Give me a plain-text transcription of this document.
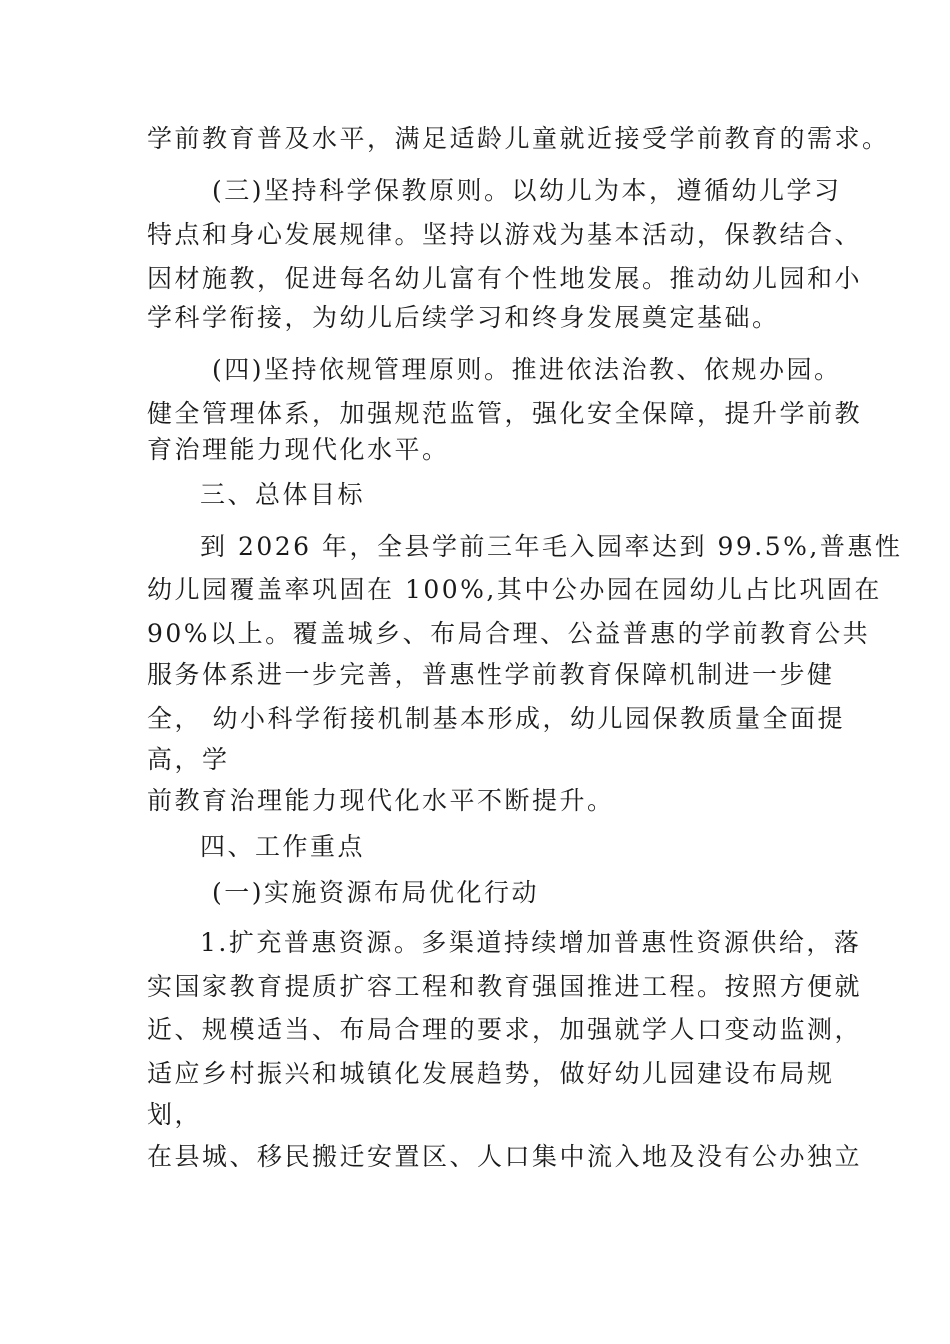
学前教育普及水平，满足适龄儿童就近接受学前教育的需求。
(三)坚持科学保教原则。以幼儿为本，遵循幼儿学习
特点和身心发展规律。坚持以游戏为基本活动，保教结合、
因材施教，促进每名幼儿富有个性地发展。推动幼儿园和小
学科学衔接，为幼儿后续学习和终身发展奠定基础。
(四)坚持依规管理原则。推进依法治教、依规办园。
健全管理体系，加强规范监管，强化安全保障，提升学前教
育治理能力现代化水平。
三、总体目标
到 2026 年，全县学前三年毛入园率达到 99.5%,普惠性
幼儿园覆盖率巩固在 100%,其中公办园在园幼儿占比巩固在
90%以上。覆盖城乡、布局合理、公益普惠的学前教育公共
服务体系进一步完善，普惠性学前教育保障机制进一步健
全， 幼小科学衔接机制基本形成，幼儿园保教质量全面提
高，学
前教育治理能力现代化水平不断提升。
四、工作重点
(一)实施资源布局优化行动
1.扩充普惠资源。多渠道持续增加普惠性资源供给，落
实国家教育提质扩容工程和教育强国推进工程。按照方便就
近、规模适当、布局合理的要求，加强就学人口变动监测，
适应乡村振兴和城镇化发展趋势，做好幼儿园建设布局规
划，
在县城、移民搬迁安置区、人口集中流入地及没有公办独立
